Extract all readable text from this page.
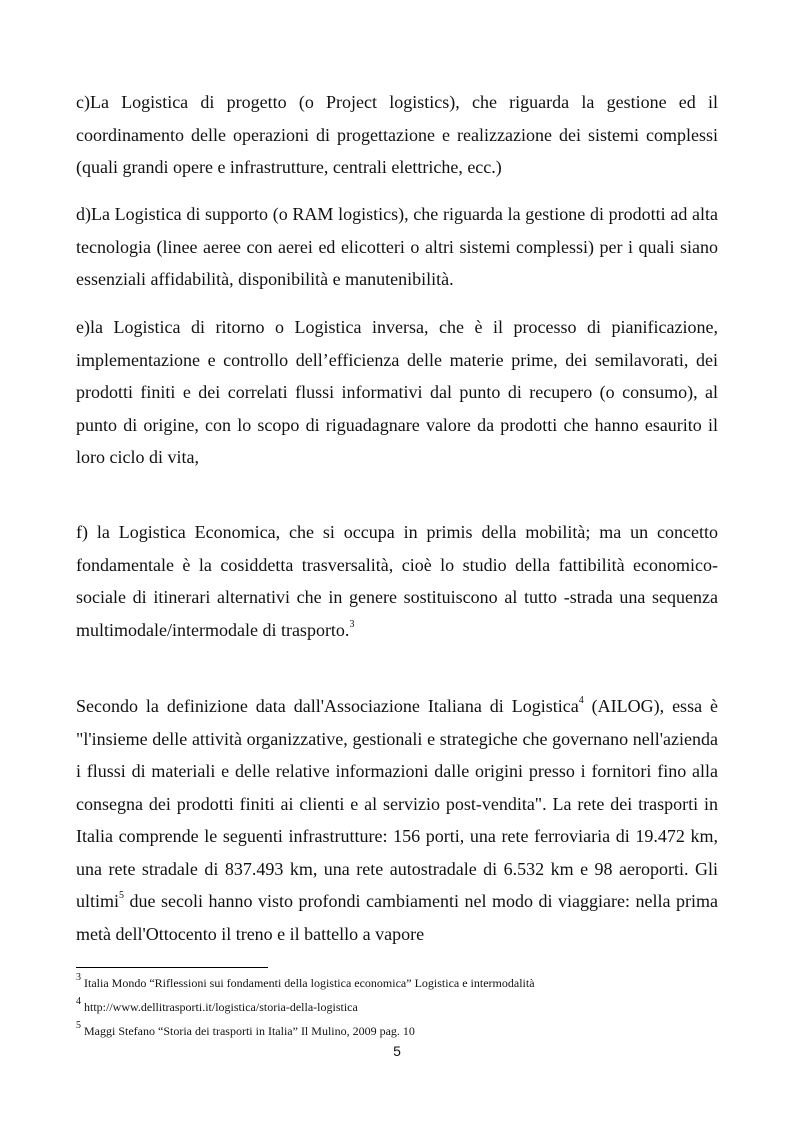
c)La Logistica di progetto (o Project logistics), che riguarda la gestione ed il coordinamento delle operazioni di progettazione e realizzazione dei sistemi complessi (quali grandi opere e infrastrutture, centrali elettriche, ecc.)

d)La Logistica di supporto (o RAM logistics), che riguarda la gestione di prodotti ad alta tecnologia (linee aeree con aerei ed elicotteri o altri sistemi complessi) per i quali siano essenziali affidabilità, disponibilità e manutenibilità.

e)la Logistica di ritorno o Logistica inversa, che è il processo di pianificazione, implementazione e controllo dell’efficienza delle materie prime, dei semilavorati, dei prodotti finiti e dei correlati flussi informativi dal punto di recupero (o consumo), al punto di origine, con lo scopo di riguadagnare valore da prodotti che hanno esaurito il loro ciclo di vita,

f) la Logistica Economica, che si occupa in primis della mobilità; ma un concetto fondamentale è la cosiddetta trasversalità, cioè lo studio della fattibilità economico-sociale di itinerari alternativi che in genere sostituiscono al tutto -strada una sequenza multimodale/intermodale di trasporto.$^3$

Secondo la definizione data dall'Associazione Italiana di Logistica$^4$ (AILOG), essa è "l'insieme delle attività organizzative, gestionali e strategiche che governano nell'azienda i flussi di materiali e delle relative informazioni dalle origini presso i fornitori fino alla consegna dei prodotti finiti ai clienti e al servizio post-vendita". La rete dei trasporti in Italia comprende le seguenti infrastrutture: 156 porti, una rete ferroviaria di 19.472 km, una rete stradale di 837.493 km, una rete autostradale di 6.532 km e 98 aeroporti. Gli ultimi$^5$ due secoli hanno visto profondi cambiamenti nel modo di viaggiare: nella prima metà dell'Ottocento il treno e il battello a vapore

$^3$ Italia Mondo “Riflessioni sui fondamenti della logistica economica” Logistica e intermodalità

$^4$ http://www.dellitrasporti.it/logistica/storia-della-logistica

$^5$ Maggi Stefano “Storia dei trasporti in Italia” Il Mulino, 2009 pag. 10

5
